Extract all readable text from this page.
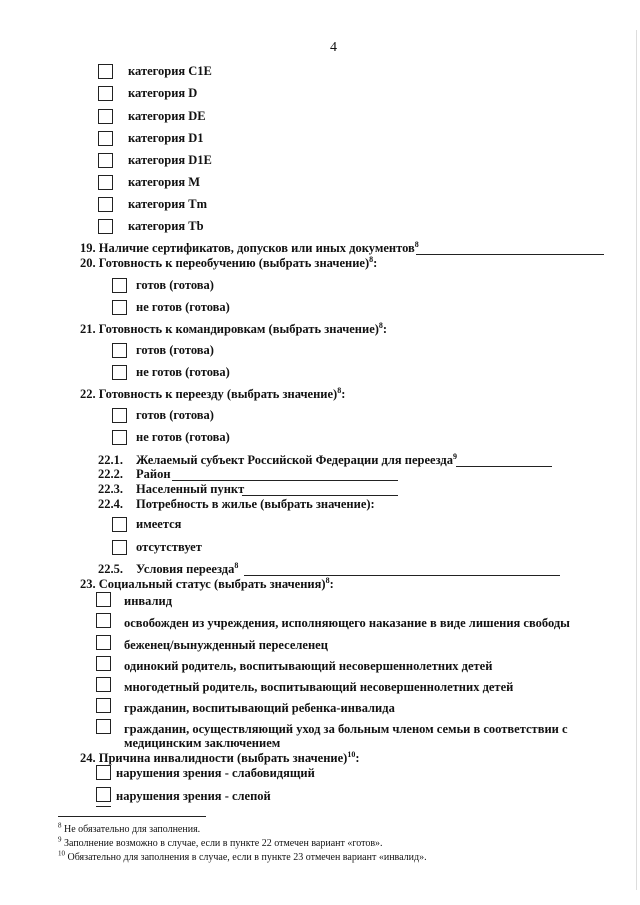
4
категория C1E
категория D
категория DE
категория D1
категория D1E
категория M
категория Tm
категория Tb
19. Наличие сертификатов, допусков или иных документов$^8$
20. Готовность к переобучению (выбрать значение)$^8$:
готов (готова)
не готов (готова)
21. Готовность к командировкам (выбрать значение)$^8$:
готов (готова)
не готов (готова)
22. Готовность к переезду (выбрать значение)$^8$:
готов (готова)
не готов (готова)
22.1. Желаемый субъект Российской Федерации для переезда$^9$
22.2. Район
22.3. Населенный пункт
22.4. Потребность в жилье (выбрать значение):
имеется
отсутствует
22.5. Условия переезда$^8$
23. Социальный статус (выбрать значения)$^8$:
инвалид
освобожден из учреждения, исполняющего наказание в виде лишения свободы
беженец/вынужденный переселенец
одинокий родитель, воспитывающий несовершеннолетних детей
многодетный родитель, воспитывающий несовершеннолетних детей
гражданин, воспитывающий ребенка-инвалида
гражданин, осуществляющий уход за больным членом семьи в соответствии с
медицинским заключением
24. Причина инвалидности (выбрать значение)$^{10}$:
нарушения зрения - слабовидящий
нарушения зрения - слепой
$^8$ Не обязательно для заполнения.
$^9$ Заполнение возможно в случае, если в пункте 22 отмечен вариант «готов».
$^{10}$ Обязательно для заполнения в случае, если в пункте 23 отмечен вариант «инвалид».
